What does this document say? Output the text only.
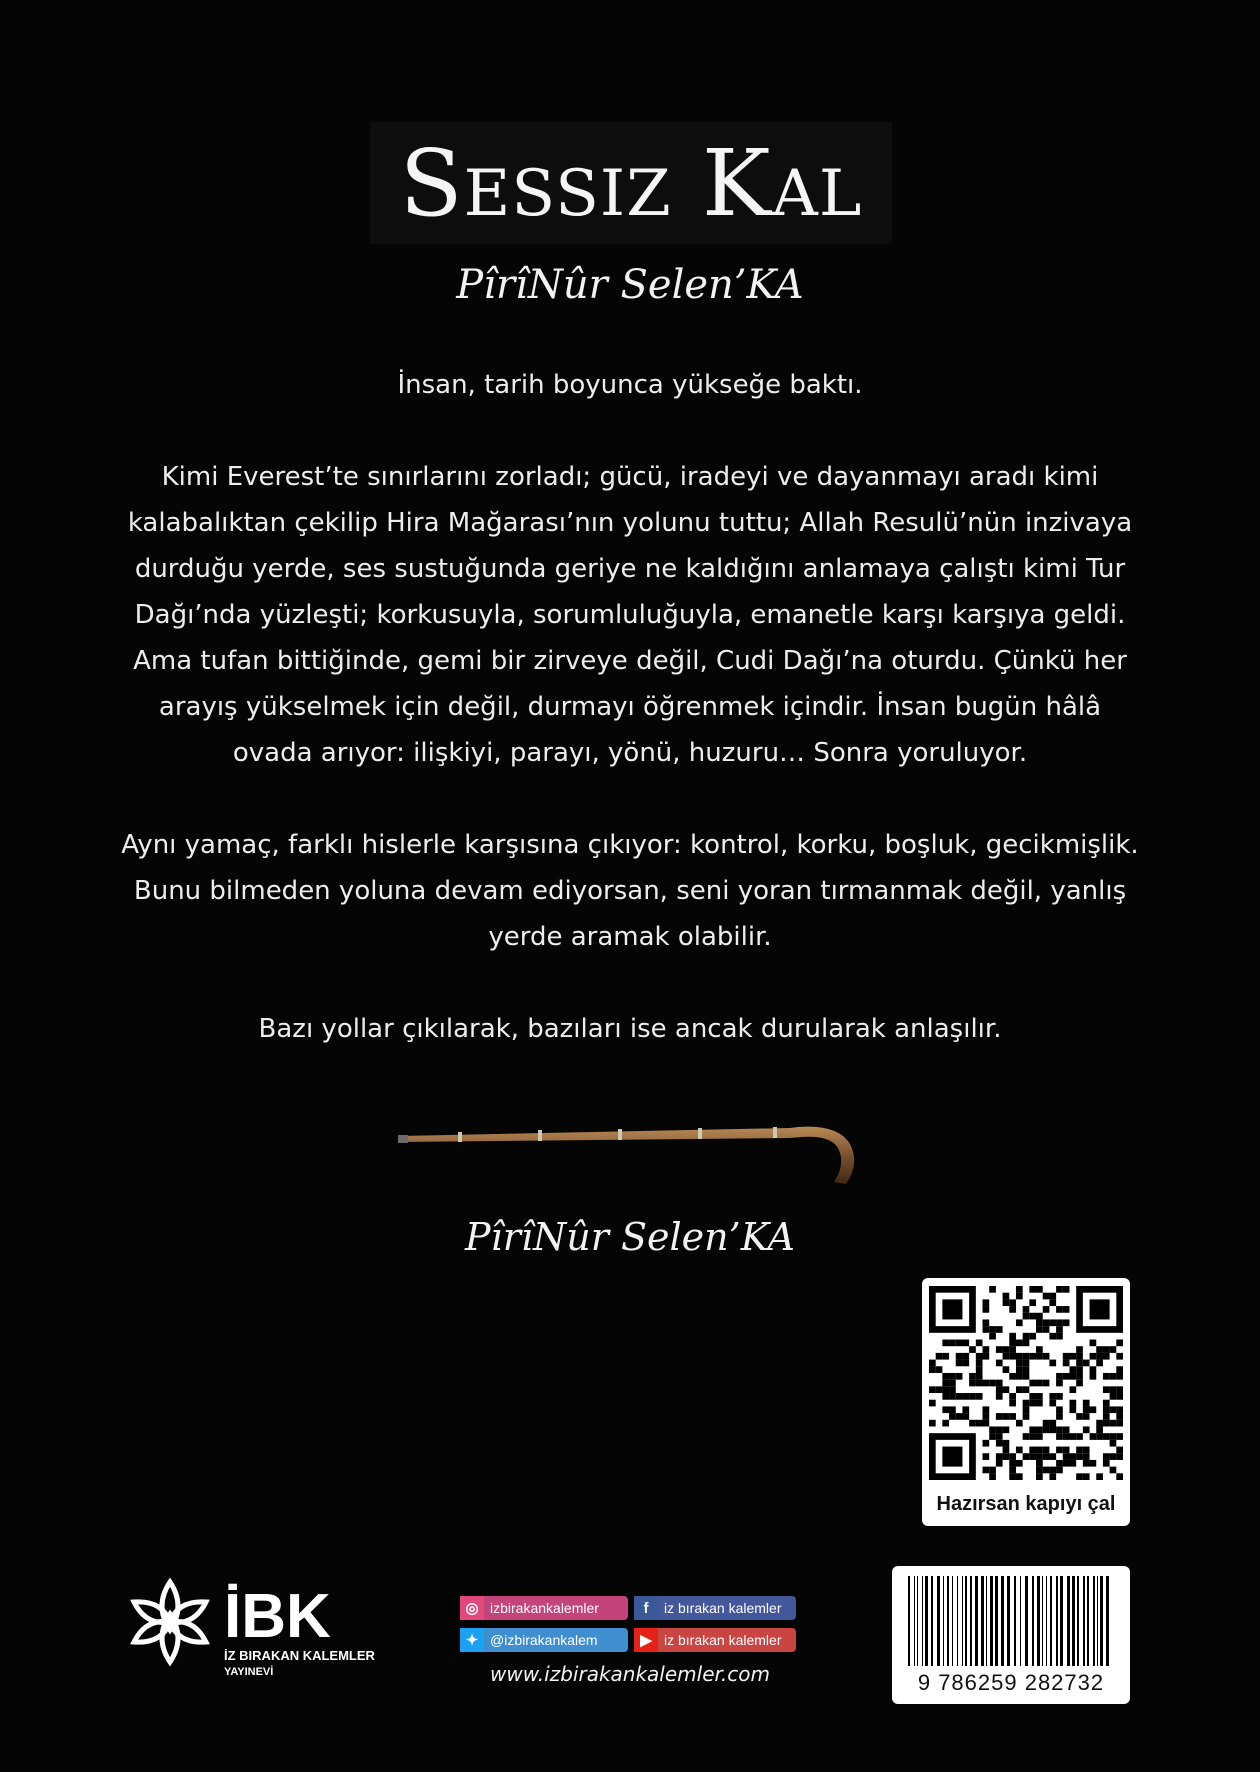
Sessiz Kal
PîrîNûr Selen’KA

İnsan, tarih boyunca yükseğe baktı.

Kimi Everest’te sınırlarını zorladı; gücü, iradeyi ve dayanmayı aradı kimi kalabalıktan çekilip Hira Mağarası’nın yolunu tuttu; Allah Resulü’nün inzivaya durduğu yerde, ses sustuğunda geriye ne kaldığını anlamaya çalıştı kimi Tur Dağı’nda yüzleşti; korkusuyla, sorumluluğuyla, emanetle karşı karşıya geldi. Ama tufan bittiğinde, gemi bir zirveye değil, Cudi Dağı’na oturdu. Çünkü her arayış yükselmek için değil, durmayı öğrenmek içindir. İnsan bugün hâlâ ovada arıyor: ilişkiyi, parayı, yönü, huzuru… Sonra yoruluyor.

Aynı yamaç, farklı hislerle karşısına çıkıyor: kontrol, korku, boşluk, gecikmişlik. Bunu bilmeden yoluna devam ediyorsan, seni yoran tırmanmak değil, yanlış yerde aramak olabilir.

Bazı yollar çıkılarak, bazıları ise ancak durularak anlaşılır.

PîrîNûr Selen’KA
Hazırsan kapıyı çal
9 786259 282732
İBK
İZ BIRAKAN KALEMLER
YAYINEVİ
◎ izbirakankalemler	f	iz bırakan kalemler
✦ @izbirakankalem	▶ iz bırakan kalemler
www.izbirakankalemler.com
